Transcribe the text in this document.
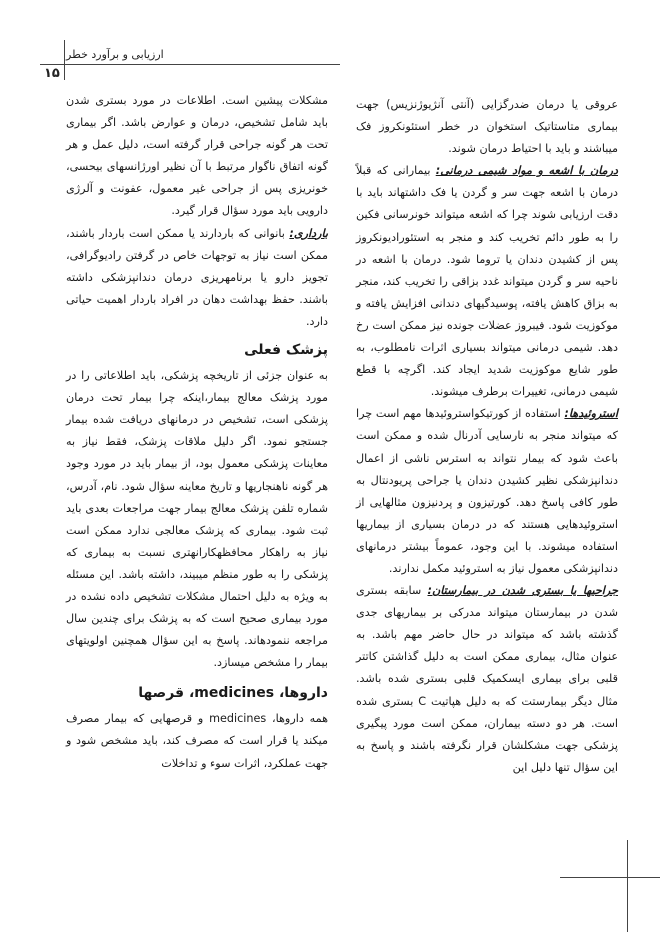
ارزیابی و برآورد خطر
۱۵

عروقی یا درمان ضدرگزایی (آنتی آنژیوژنزیس) جهت بیماری متاستاتیک استخوان در خطر استئونکروز فک میباشند و باید با احتیاط درمان شوند.

درمان با اشعه و مواد شیمی درمانی: بیمارانی که قبلاً درمان با اشعه جهت سر و گردن یا فک داشتهاند باید با دقت ارزیابی شوند چرا که اشعه میتواند خونرسانی فکین را به طور دائم تخریب کند و منجر به استئورادیونکروز پس از کشیدن دندان یا تروما شود. درمان با اشعه در ناحیه سر و گردن میتواند غدد بزاقی را تخریب کند، منجر به بزاق کاهش یافته، پوسیدگیهای دندانی افزایش یافته و موکوزیت شود. فیبروز عضلات جونده نیز ممکن است رخ دهد. شیمی درمانی میتواند بسیاری اثرات نامطلوب، به طور شایع موکوزیت شدید ایجاد کند. اگرچه با قطع شیمی درمانی، تغییرات برطرف میشوند.

استروئیدها: استفاده از کورتیکواستروئیدها مهم است چرا که میتواند منجر به نارسایی آدرنال شده و ممکن است باعث شود که بیمار نتواند به استرس ناشی از اعمال دندانپزشکی نظیر کشیدن دندان یا جراحی پریودنتال به طور کافی پاسخ دهد. کورتیزون و پردنیزون مثالهایی از استروئیدهایی هستند که در درمان بسیاری از بیماریها استفاده میشوند. با این وجود، عموماً بیشتر درمانهای دندانپزشکی معمول نیاز به استروئید مکمل ندارند.

جراحیها یا بستری شدن در بیمارستان: سابقه بستری شدن در بیمارستان میتواند مدرکی بر بیماریهای جدی گذشته باشد که میتواند در حال حاضر مهم باشد. به عنوان مثال، بیماری ممکن است به دلیل گذاشتن کاتتر قلبی برای بیماری ایسکمیک قلبی بستری شده باشد. مثال دیگر بیمارستت که به دلیل هپاتیت C بستری شده است. هر دو دسته بیماران، ممکن است مورد پیگیری پزشکی جهت مشکلشان قرار نگرفته باشند و پاسخ به این سؤال تنها دلیل این

مشکلات پیشین است. اطلاعات در مورد بستری شدن باید شامل تشخیص، درمان و عوارض باشد. اگر بیماری تحت هر گونه جراحی قرار گرفته است، دلیل عمل و هر گونه اتفاق ناگوار مرتبط با آن نظیر اورژانسهای بیحسی، خونریزی پس از جراحی غیر معمول، عفونت و آلرژی دارویی باید مورد سؤال قرار گیرد.

بارداری: بانوانی که باردارند یا ممکن است باردار باشند، ممکن است نیاز به توجهات خاص در گرفتن رادیوگرافی، تجویز دارو یا برنامهریزی درمان دندانپزشکی داشته باشند. حفظ بهداشت دهان در افراد باردار اهمیت حیاتی دارد.

پزشک فعلی

به عنوان جزئی از تاریخچه پزشکی، باید اطلاعاتی را در مورد پزشک معالج بیمار،اینکه چرا بیمار تحت درمان پزشکی است، تشخیص در درمانهای دریافت شده بیمار جستجو نمود. اگر دلیل ملاقات پزشک، فقط نیاز به معاینات پزشکی معمول بود، از بیمار باید در مورد وجود هر گونه ناهنجاریها و تاریخ معاینه سؤال شود. نام، آدرس، شماره تلفن پزشک معالج بیمار جهت مراجعات بعدی باید ثبت شود. بیماری که پزشک معالجی ندارد ممکن است نیاز به راهکار محافظهکارانهتری نسبت به بیماری که پزشکی را به طور منظم میبیند، داشته باشد. این مسئله به ویژه به دلیل احتمال مشکلات تشخیص داده نشده در مورد بیماری صحیح است که به پزشک برای چندین سال مراجعه ننمودهاند. پاسخ به این سؤال همچنین اولویتهای بیمار را مشخص میسازد.

داروها، medicines، قرصها

همه داروها، medicines و قرصهایی که بیمار مصرف میکند یا قرار است که مصرف کند، باید مشخص شود و جهت عملکرد، اثرات سوء و تداخلات
